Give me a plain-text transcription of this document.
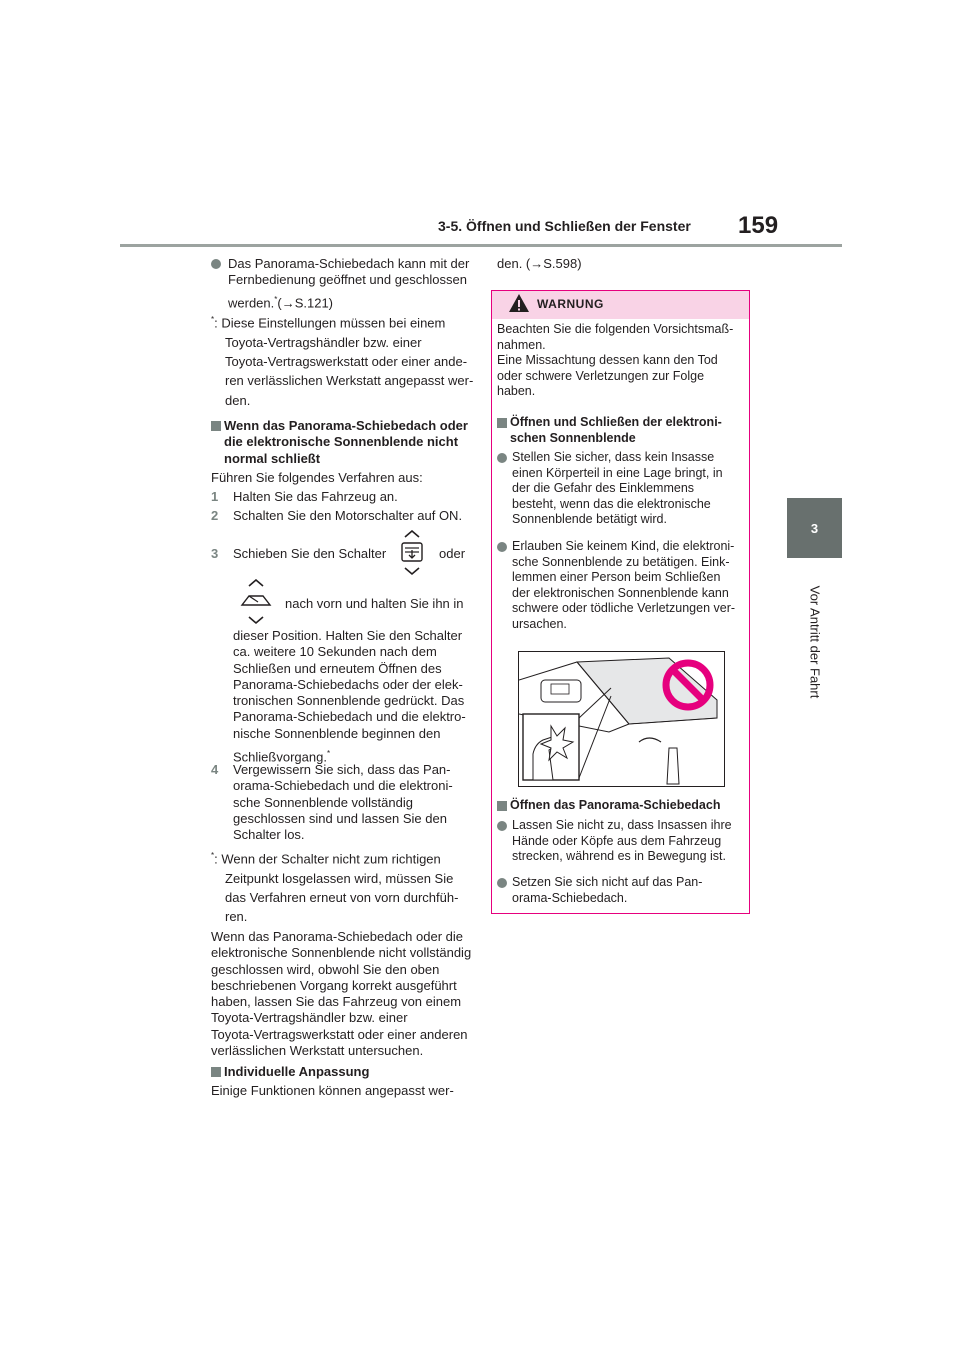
3-5. Öffnen und Schließen der Fenster 159
3
Vor Antritt der Fahrt
Das Panorama-Schiebedach kann mit der
Fernbedienung geöffnet und geschlossen
werden.*(→S.121)
*: Diese Einstellungen müssen bei einem
Toyota-Vertragshändler bzw. einer
Toyota-Vertragswerkstatt oder einer ande-
ren verlässlichen Werkstatt angepasst wer-
den.
Wenn das Panorama-Schiebedach oder
die elektronische Sonnenblende nicht
normal schließt
Führen Sie folgendes Verfahren aus:
1 Halten Sie das Fahrzeug an.
2 Schalten Sie den Motorschalter auf ON.
3 Schieben Sie den Schalter	oder
nach vorn und halten Sie ihn in
dieser Position. Halten Sie den Schalter
ca. weitere 10 Sekunden nach dem
Schließen und erneutem Öffnen des
Panorama-Schiebedachs oder der elek-
tronischen Sonnenblende gedrückt. Das
Panorama-Schiebedach und die elektro-
nische Sonnenblende beginnen den
Schließvorgang.*
4 Vergewissern Sie sich, dass das Pan-
orama-Schiebedach und die elektroni-
sche Sonnenblende vollständig
geschlossen sind und lassen Sie den
Schalter los.
*: Wenn der Schalter nicht zum richtigen
Zeitpunkt losgelassen wird, müssen Sie
das Verfahren erneut von vorn durchfüh-
ren.
Wenn das Panorama-Schiebedach oder die
elektronische Sonnenblende nicht vollständig
geschlossen wird, obwohl Sie den oben
beschriebenen Vorgang korrekt ausgeführt
haben, lassen Sie das Fahrzeug von einem
Toyota-Vertragshändler bzw. einer
Toyota-Vertragswerkstatt oder einer anderen
verlässlichen Werkstatt untersuchen.
Individuelle Anpassung
Einige Funktionen können angepasst wer-
den. (→S.598)
WARNUNG
Beachten Sie die folgenden Vorsichtsmaß-
nahmen.
Eine Missachtung dessen kann den Tod
oder schwere Verletzungen zur Folge
haben.
Öffnen und Schließen der elektroni-
schen Sonnenblende
Stellen Sie sicher, dass kein Insasse
einen Körperteil in eine Lage bringt, in
der die Gefahr des Einklemmens
besteht, wenn das die elektronische
Sonnenblende betätigt wird.
Erlauben Sie keinem Kind, die elektroni-
sche Sonnenblende zu betätigen. Eink-
lemmen einer Person beim Schließen
der elektronischen Sonnenblende kann
schwere oder tödliche Verletzungen ver-
ursachen.
Öffnen das Panorama-Schiebedach
Lassen Sie nicht zu, dass Insassen ihre
Hände oder Köpfe aus dem Fahrzeug
strecken, während es in Bewegung ist.
Setzen Sie sich nicht auf das Pan-
orama-Schiebedach.
